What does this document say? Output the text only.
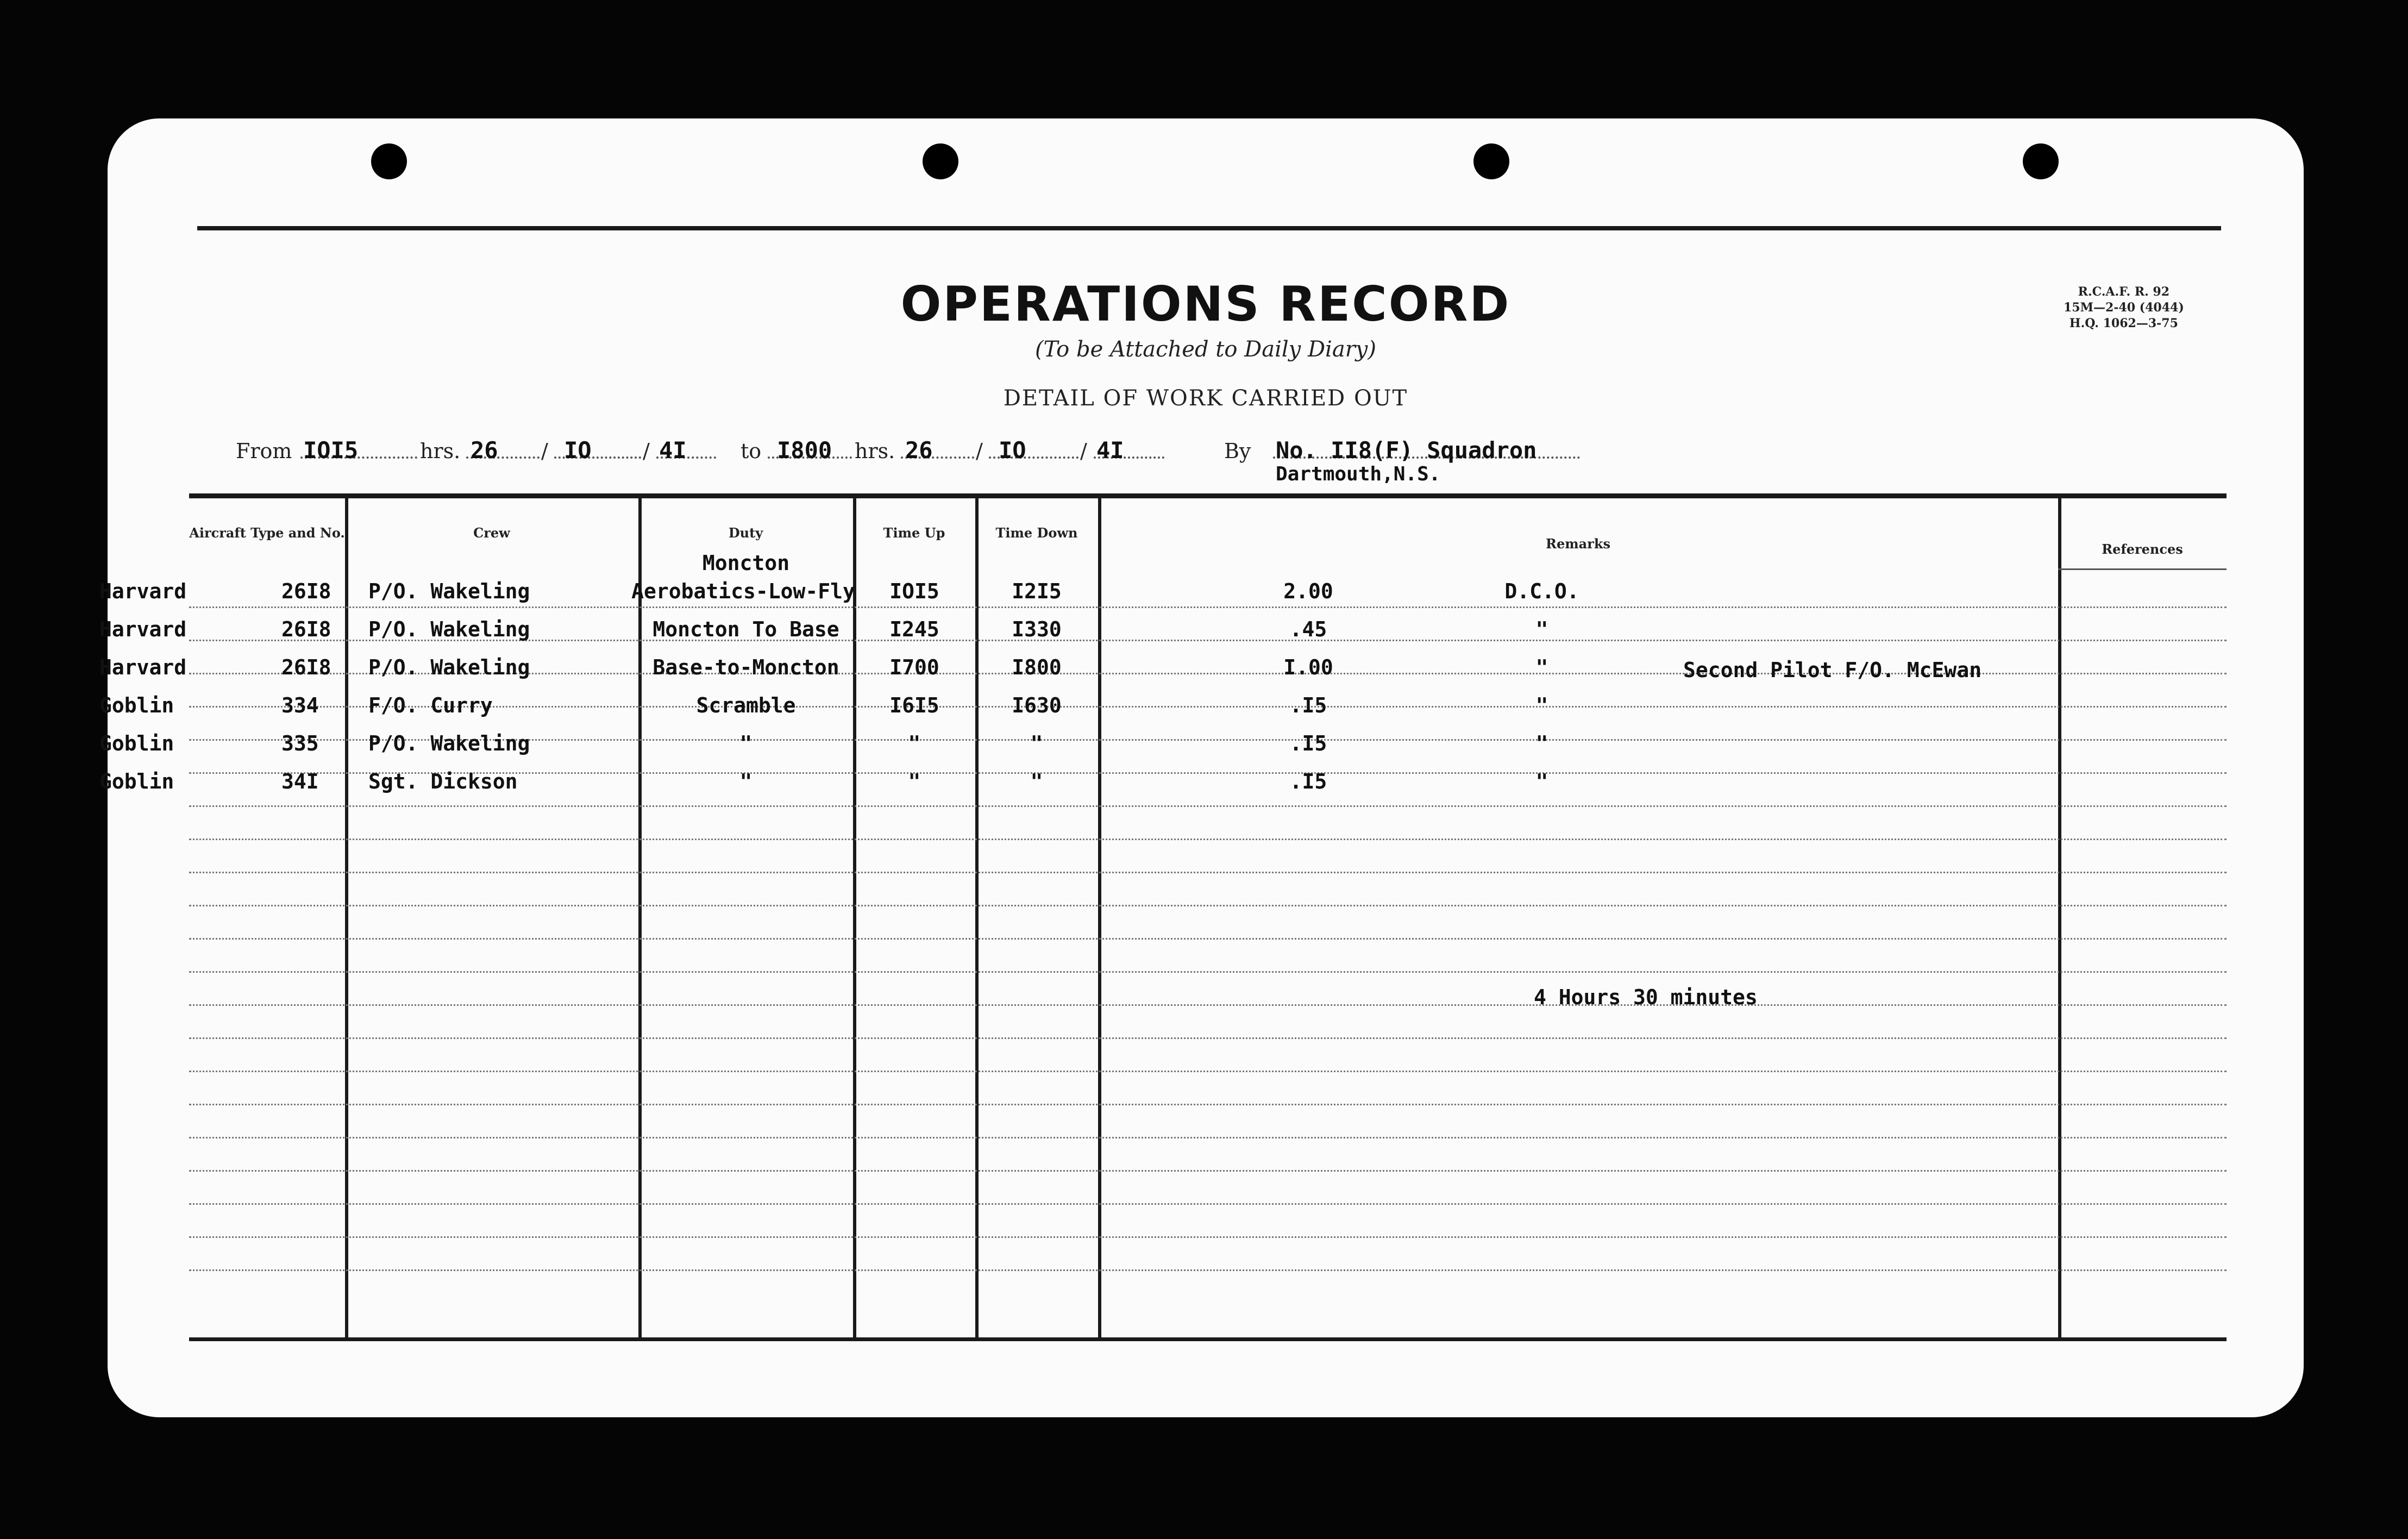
OPERATIONS RECORD
(To be Attached to Daily Diary)
DETAIL OF WORK CARRIED OUT
R.C.A.F. R. 92
15M—2-40 (4044)
H.Q. 1062—3-75
From IOI5	hrs. 26 / IO / 4I	to I800 hrs. 26 / IO	/ 4I	By No. II8(F) Squadron
Dartmouth,N.S.
Aircraft Type and No.	Crew	Duty	Time Up	Time Down
Remarks	References
Moncton
Harvard	26I8	P/O. Wakeling	Aerobatics-Low-Fly	IOI5	I2I5	2.00	D.C.O.
Harvard	26I8	P/O. Wakeling	Moncton To Base	I245	I330	.45	"
Harvard	26I8	P/O. Wakeling	Base-to-Moncton	I700	I800	I.00	"	Second Pilot F/O. McEwan
Goblin	334	F/O. Curry	Scramble	I6I5	I630	.I5	"
Goblin	335	P/O. Wakeling	"	"	"	.I5	"
Goblin	34I	Sgt. Dickson	"	"	"	.I5	"
4 Hours 30 minutes
